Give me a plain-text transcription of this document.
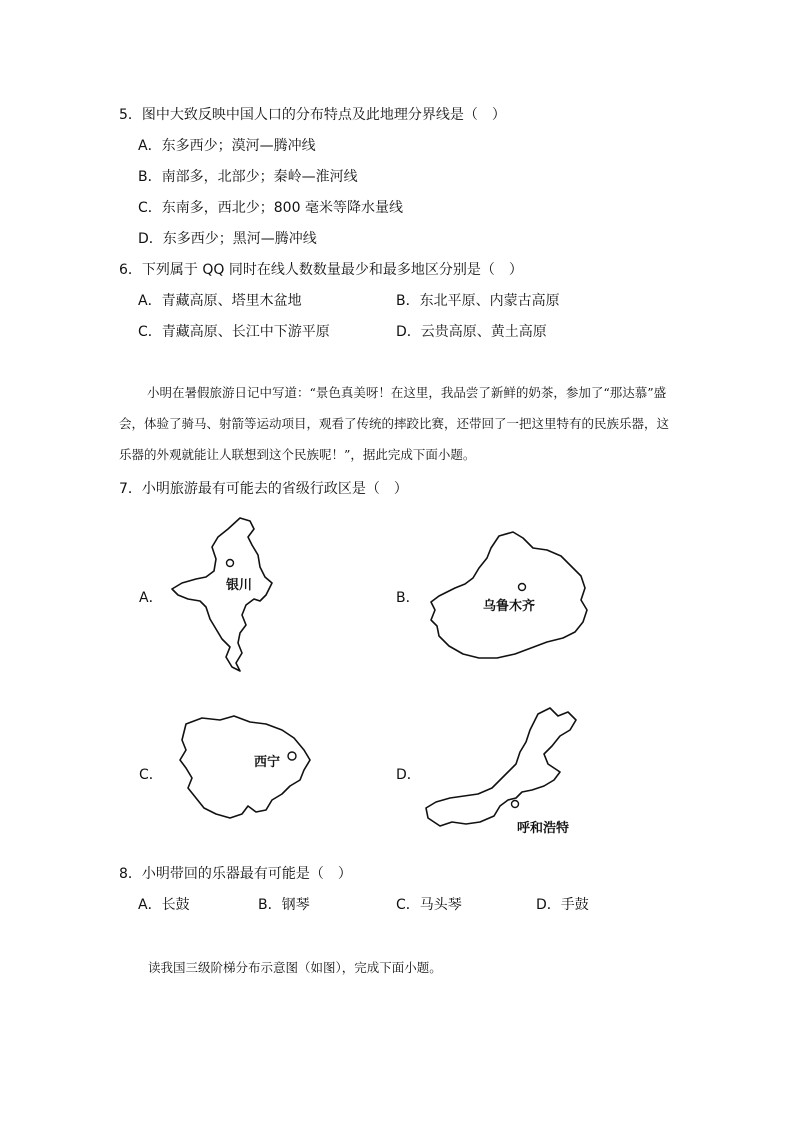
5．图中大致反映中国人口的分布特点及此地理分界线是（　）
A．东多西少；漠河—腾冲线
B．南部多，北部少；秦岭—淮河线
C．东南多，西北少；800 毫米等降水量线
D．东多西少；黑河—腾冲线
6．下列属于 QQ 同时在线人数数量最少和最多地区分别是（　）
A．青藏高原、塔里木盆地	B．东北平原、内蒙古高原
C．青藏高原、长江中下游平原	D．云贵高原、黄土高原
小明在暑假旅游日记中写道：“景色真美呀！在这里，我品尝了新鲜的奶茶，参加了“那达慕”盛会，体验了骑马、射箭等运动项目，观看了传统的摔跤比赛，还带回了一把这里特有的民族乐器，这乐器的外观就能让人联想到这个民族呢！”，据此完成下面小题。
7．小明旅游最有可能去的省级行政区是（　）
A．
银川
B．
乌鲁木齐
C．
西宁
D．
呼和浩特
8．小明带回的乐器最有可能是（　）
A．长鼓	B．钢琴	C．马头琴	D．手鼓
读我国三级阶梯分布示意图（如图），完成下面小题。
